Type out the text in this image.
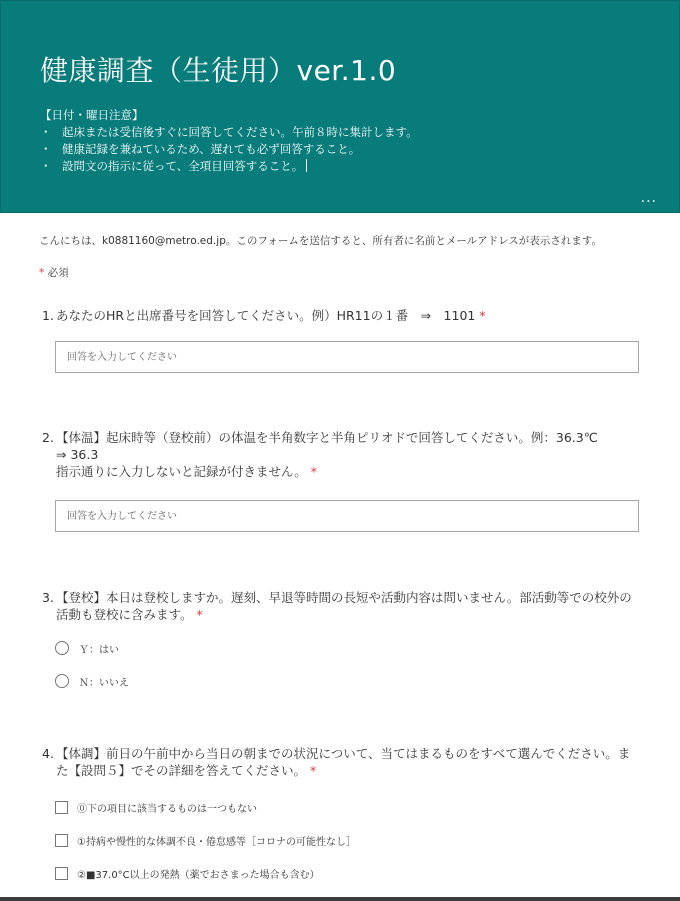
健康調査（生徒用）ver.1.0
【日付・曜日注意】
・ 起床または受信後すぐに回答してください。午前８時に集計します。
・ 健康記録を兼ねているため、遅れても必ず回答すること。
・ 設問文の指示に従って、全項目回答すること。
...
こんにちは、k0881160@metro.ed.jp。このフォームを送信すると、所有者に名前とメールアドレスが表示されます。
* 必須
1. あなたのHRと出席番号を回答してください。例）HR11の１番　⇒　1101 *
回答を入力してください
2. 【体温】起床時等（登校前）の体温を半角数字と半角ピリオドで回答してください。例：36.3℃
⇒ 36.3
指示通りに入力しないと記録が付きません。 *
回答を入力してください
3. 【登校】本日は登校しますか。遅刻、早退等時間の長短や活動内容は問いません。部活動等での校外の活動も登校に含みます。 *
Ｙ：はい
Ｎ：いいえ
4. 【体調】前日の午前中から当日の朝までの状況について、当てはまるものをすべて選んでください。また【設問５】でその詳細を答えてください。 *
⓪下の項目に該当するものは一つもない
①持病や慢性的な体調不良・倦怠感等［コロナの可能性なし］
②■37.0°C以上の発熱（薬でおさまった場合も含む）
